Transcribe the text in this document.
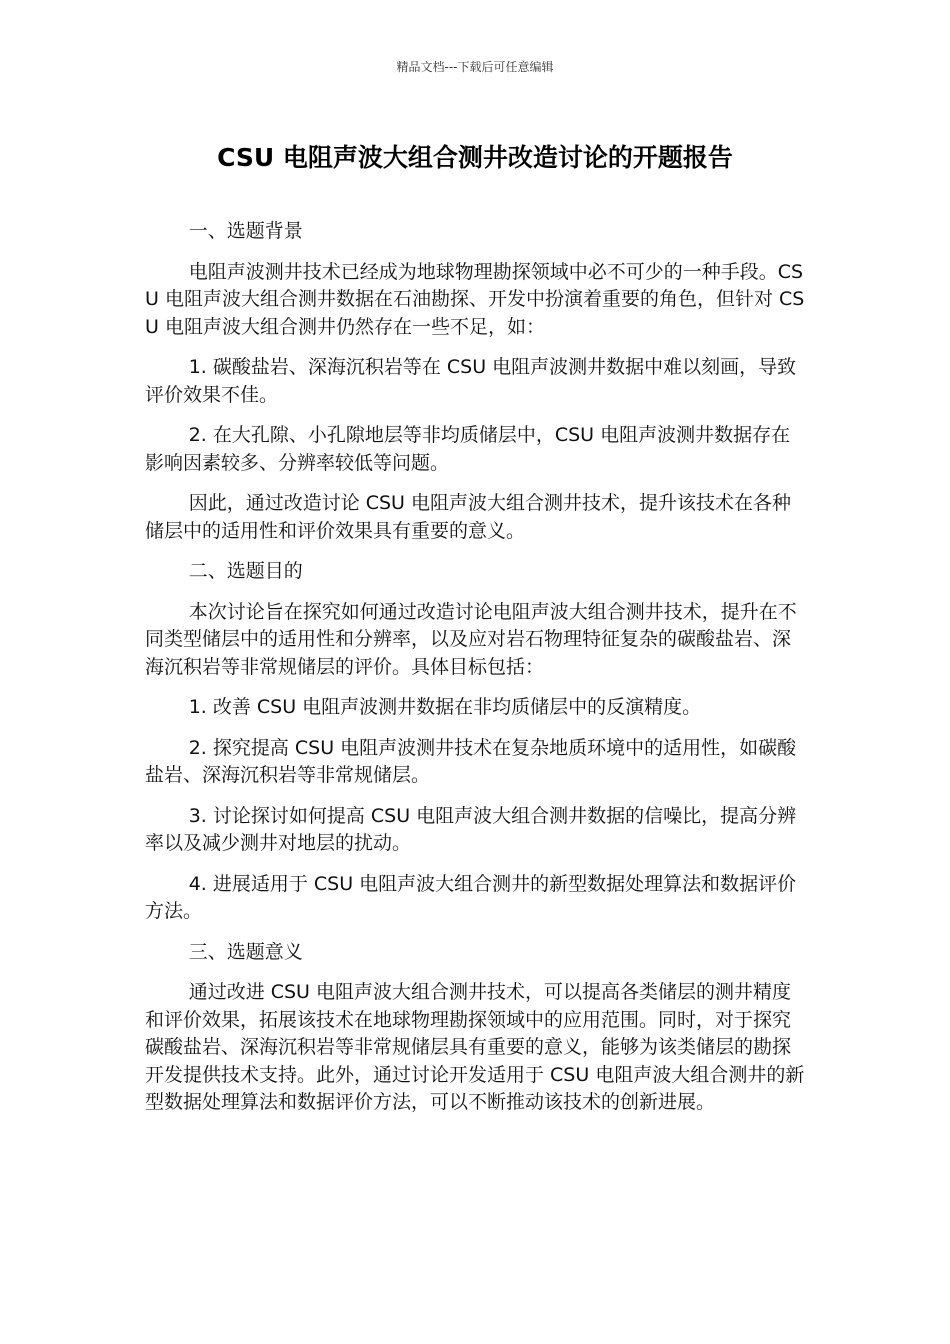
精品文档---下载后可任意编辑
CSU 电阻声波大组合测井改造讨论的开题报告

一、选题背景

电阻声波测井技术已经成为地球物理勘探领域中必不可少的一种手段。CSU 电阻声波大组合测井数据在石油勘探、开发中扮演着重要的角色，但针对 CSU 电阻声波大组合测井仍然存在一些不足，如：

1. 碳酸盐岩、深海沉积岩等在 CSU 电阻声波测井数据中难以刻画，导致评价效果不佳。

2. 在大孔隙、小孔隙地层等非均质储层中，CSU 电阻声波测井数据存在影响因素较多、分辨率较低等问题。

因此，通过改造讨论 CSU 电阻声波大组合测井技术，提升该技术在各种储层中的适用性和评价效果具有重要的意义。

二、选题目的

本次讨论旨在探究如何通过改造讨论电阻声波大组合测井技术，提升在不同类型储层中的适用性和分辨率，以及应对岩石物理特征复杂的碳酸盐岩、深海沉积岩等非常规储层的评价。具体目标包括：

1. 改善 CSU 电阻声波测井数据在非均质储层中的反演精度。

2. 探究提高 CSU 电阻声波测井技术在复杂地质环境中的适用性，如碳酸盐岩、深海沉积岩等非常规储层。

3. 讨论探讨如何提高 CSU 电阻声波大组合测井数据的信噪比，提高分辨率以及减少测井对地层的扰动。

4. 进展适用于 CSU 电阻声波大组合测井的新型数据处理算法和数据评价方法。

三、选题意义

通过改进 CSU 电阻声波大组合测井技术，可以提高各类储层的测井精度和评价效果，拓展该技术在地球物理勘探领域中的应用范围。同时，对于探究碳酸盐岩、深海沉积岩等非常规储层具有重要的意义，能够为该类储层的勘探开发提供技术支持。此外，通过讨论开发适用于 CSU 电阻声波大组合测井的新型数据处理算法和数据评价方法，可以不断推动该技术的创新进展。
